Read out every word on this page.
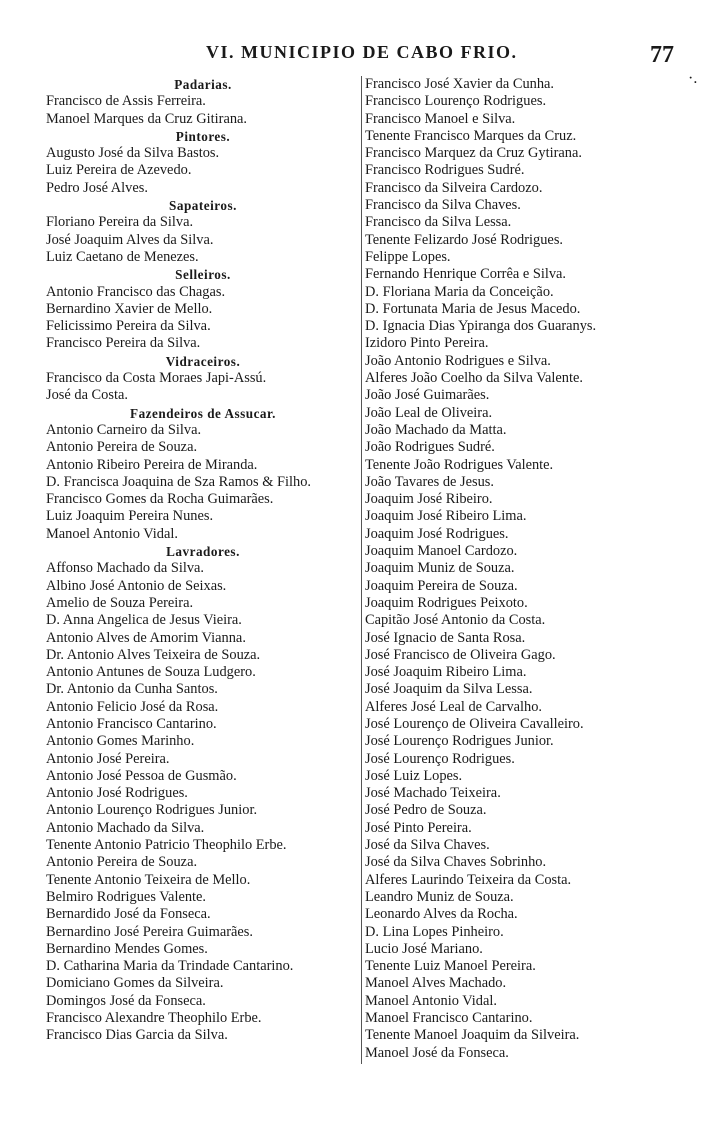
VI. MUNICIPIO DE CABO FRIO.	77
·.
Padarias.
Francisco de Assis Ferreira.
Manoel Marques da Cruz Gitirana.
Pintores.
Augusto José da Silva Bastos.
Luiz Pereira de Azevedo.
Pedro José Alves.
Sapateiros.
Floriano Pereira da Silva.
José Joaquim Alves da Silva.
Luiz Caetano de Menezes.
Selleiros.
Antonio Francisco das Chagas.
Bernardino Xavier de Mello.
Felicissimo Pereira da Silva.
Francisco Pereira da Silva.
Vidraceiros.
Francisco da Costa Moraes Japi-Assú.
José da Costa.
Fazendeiros de Assucar.
Antonio Carneiro da Silva.
Antonio Pereira de Souza.
Antonio Ribeiro Pereira de Miranda.
D. Francisca Joaquina de Sza Ramos & Filho.
Francisco Gomes da Rocha Guimarães.
Luiz Joaquim Pereira Nunes.
Manoel Antonio Vidal.
Lavradores.
Affonso Machado da Silva.
Albino José Antonio de Seixas.
Amelio de Souza Pereira.
D. Anna Angelica de Jesus Vieira.
Antonio Alves de Amorim Vianna.
Dr. Antonio Alves Teixeira de Souza.
Antonio Antunes de Souza Ludgero.
Dr. Antonio da Cunha Santos.
Antonio Felicio José da Rosa.
Antonio Francisco Cantarino.
Antonio Gomes Marinho.
Antonio José Pereira.
Antonio José Pessoa de Gusmão.
Antonio José Rodrigues.
Antonio Lourenço Rodrigues Junior.
Antonio Machado da Silva.
Tenente Antonio Patricio Theophilo Erbe.
Antonio Pereira de Souza.
Tenente Antonio Teixeira de Mello.
Belmiro Rodrigues Valente.
Bernardido José da Fonseca.
Bernardino José Pereira Guimarães.
Bernardino Mendes Gomes.
D. Catharina Maria da Trindade Cantarino.
Domiciano Gomes da Silveira.
Domingos José da Fonseca.
Francisco Alexandre Theophilo Erbe.
Francisco Dias Garcia da Silva.
Francisco José Xavier da Cunha.
Francisco Lourenço Rodrigues.
Francisco Manoel e Silva.
Tenente Francisco Marques da Cruz.
Francisco Marquez da Cruz Gytirana.
Francisco Rodrigues Sudré.
Francisco da Silveira Cardozo.
Francisco da Silva Chaves.
Francisco da Silva Lessa.
Tenente Felizardo José Rodrigues.
Felippe Lopes.
Fernando Henrique Corrêa e Silva.
D. Floriana Maria da Conceição.
D. Fortunata Maria de Jesus Macedo.
D. Ignacia Dias Ypiranga dos Guaranys.
Izidoro Pinto Pereira.
João Antonio Rodrigues e Silva.
Alferes João Coelho da Silva Valente.
João José Guimarães.
João Leal de Oliveira.
João Machado da Matta.
João Rodrigues Sudré.
Tenente João Rodrigues Valente.
João Tavares de Jesus.
Joaquim José Ribeiro.
Joaquim José Ribeiro Lima.
Joaquim José Rodrigues.
Joaquim Manoel Cardozo.
Joaquim Muniz de Souza.
Joaquim Pereira de Souza.
Joaquim Rodrigues Peixoto.
Capitão José Antonio da Costa.
José Ignacio de Santa Rosa.
José Francisco de Oliveira Gago.
José Joaquim Ribeiro Lima.
José Joaquim da Silva Lessa.
Alferes José Leal de Carvalho.
José Lourenço de Oliveira Cavalleiro.
José Lourenço Rodrigues Junior.
José Lourenço Rodrigues.
José Luiz Lopes.
José Machado Teixeira.
José Pedro de Souza.
José Pinto Pereira.
José da Silva Chaves.
José da Silva Chaves Sobrinho.
Alferes Laurindo Teixeira da Costa.
Leandro Muniz de Souza.
Leonardo Alves da Rocha.
D. Lina Lopes Pinheiro.
Lucio José Mariano.
Tenente Luiz Manoel Pereira.
Manoel Alves Machado.
Manoel Antonio Vidal.
Manoel Francisco Cantarino.
Tenente Manoel Joaquim da Silveira.
Manoel José da Fonseca.
